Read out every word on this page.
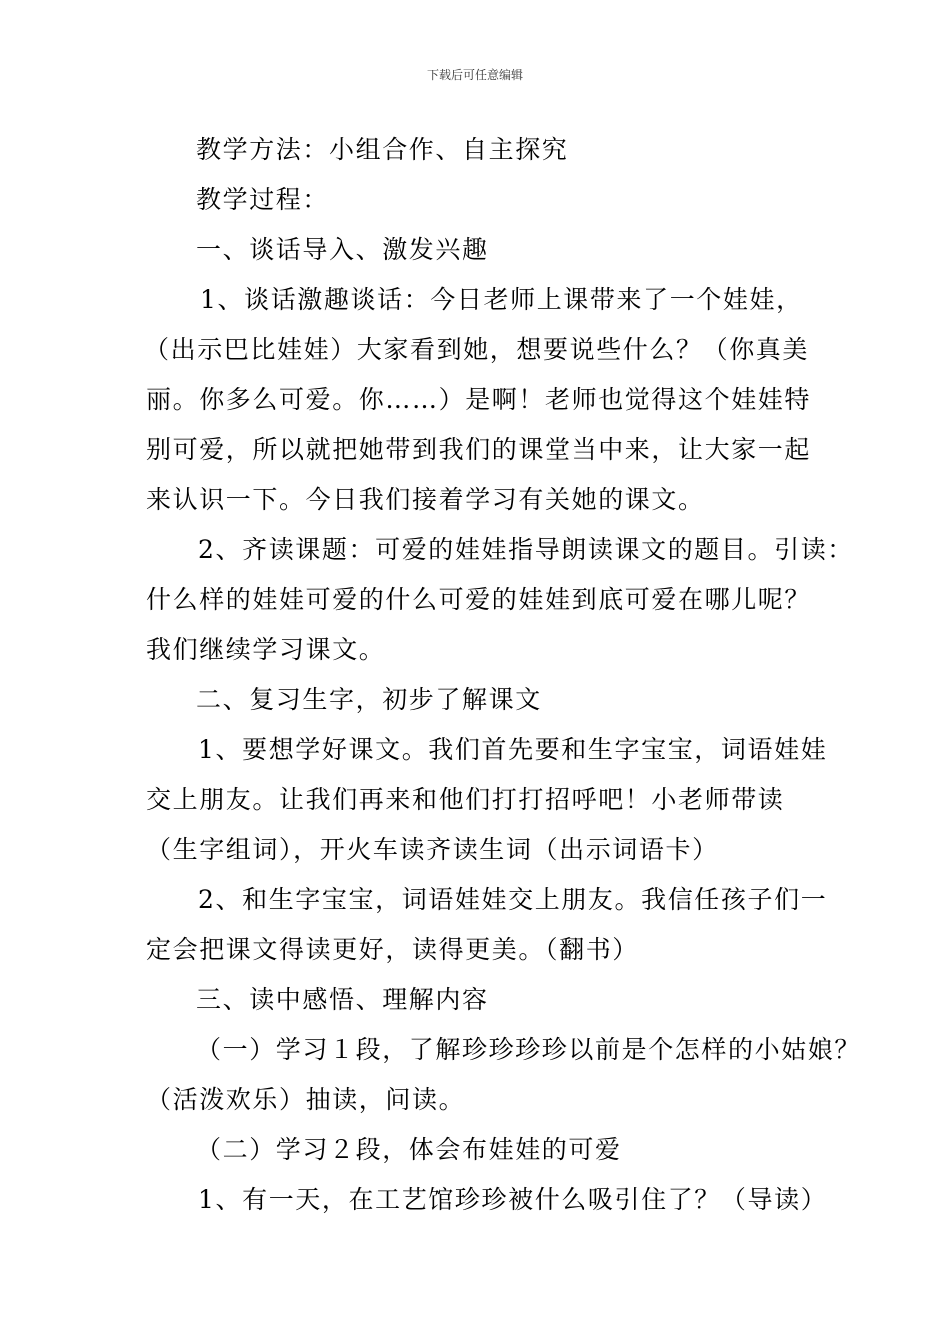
下载后可任意编辑
教学方法：小组合作、自主探究
教学过程：
一、谈话导入、激发兴趣
1、谈话激趣谈话：今日老师上课带来了一个娃娃，
（出示巴比娃娃）大家看到她，想要说些什么？（你真美
丽。你多么可爱。你……）是啊！老师也觉得这个娃娃特
别可爱，所以就把她带到我们的课堂当中来，让大家一起
来认识一下。今日我们接着学习有关她的课文。
2、齐读课题：可爱的娃娃指导朗读课文的题目。引读：
什么样的娃娃可爱的什么可爱的娃娃到底可爱在哪儿呢？
我们继续学习课文。
二、复习生字，初步了解课文
1、要想学好课文。我们首先要和生字宝宝，词语娃娃
交上朋友。让我们再来和他们打打招呼吧！小老师带读
（生字组词），开火车读齐读生词（出示词语卡）
2、和生字宝宝，词语娃娃交上朋友。我信任孩子们一
定会把课文得读更好，读得更美。（翻书）
三、读中感悟、理解内容
（一）学习１段，了解珍珍珍珍以前是个怎样的小姑娘？
（活泼欢乐）抽读，问读。
（二）学习２段，体会布娃娃的可爱
1、有一天，在工艺馆珍珍被什么吸引住了？（导读）
